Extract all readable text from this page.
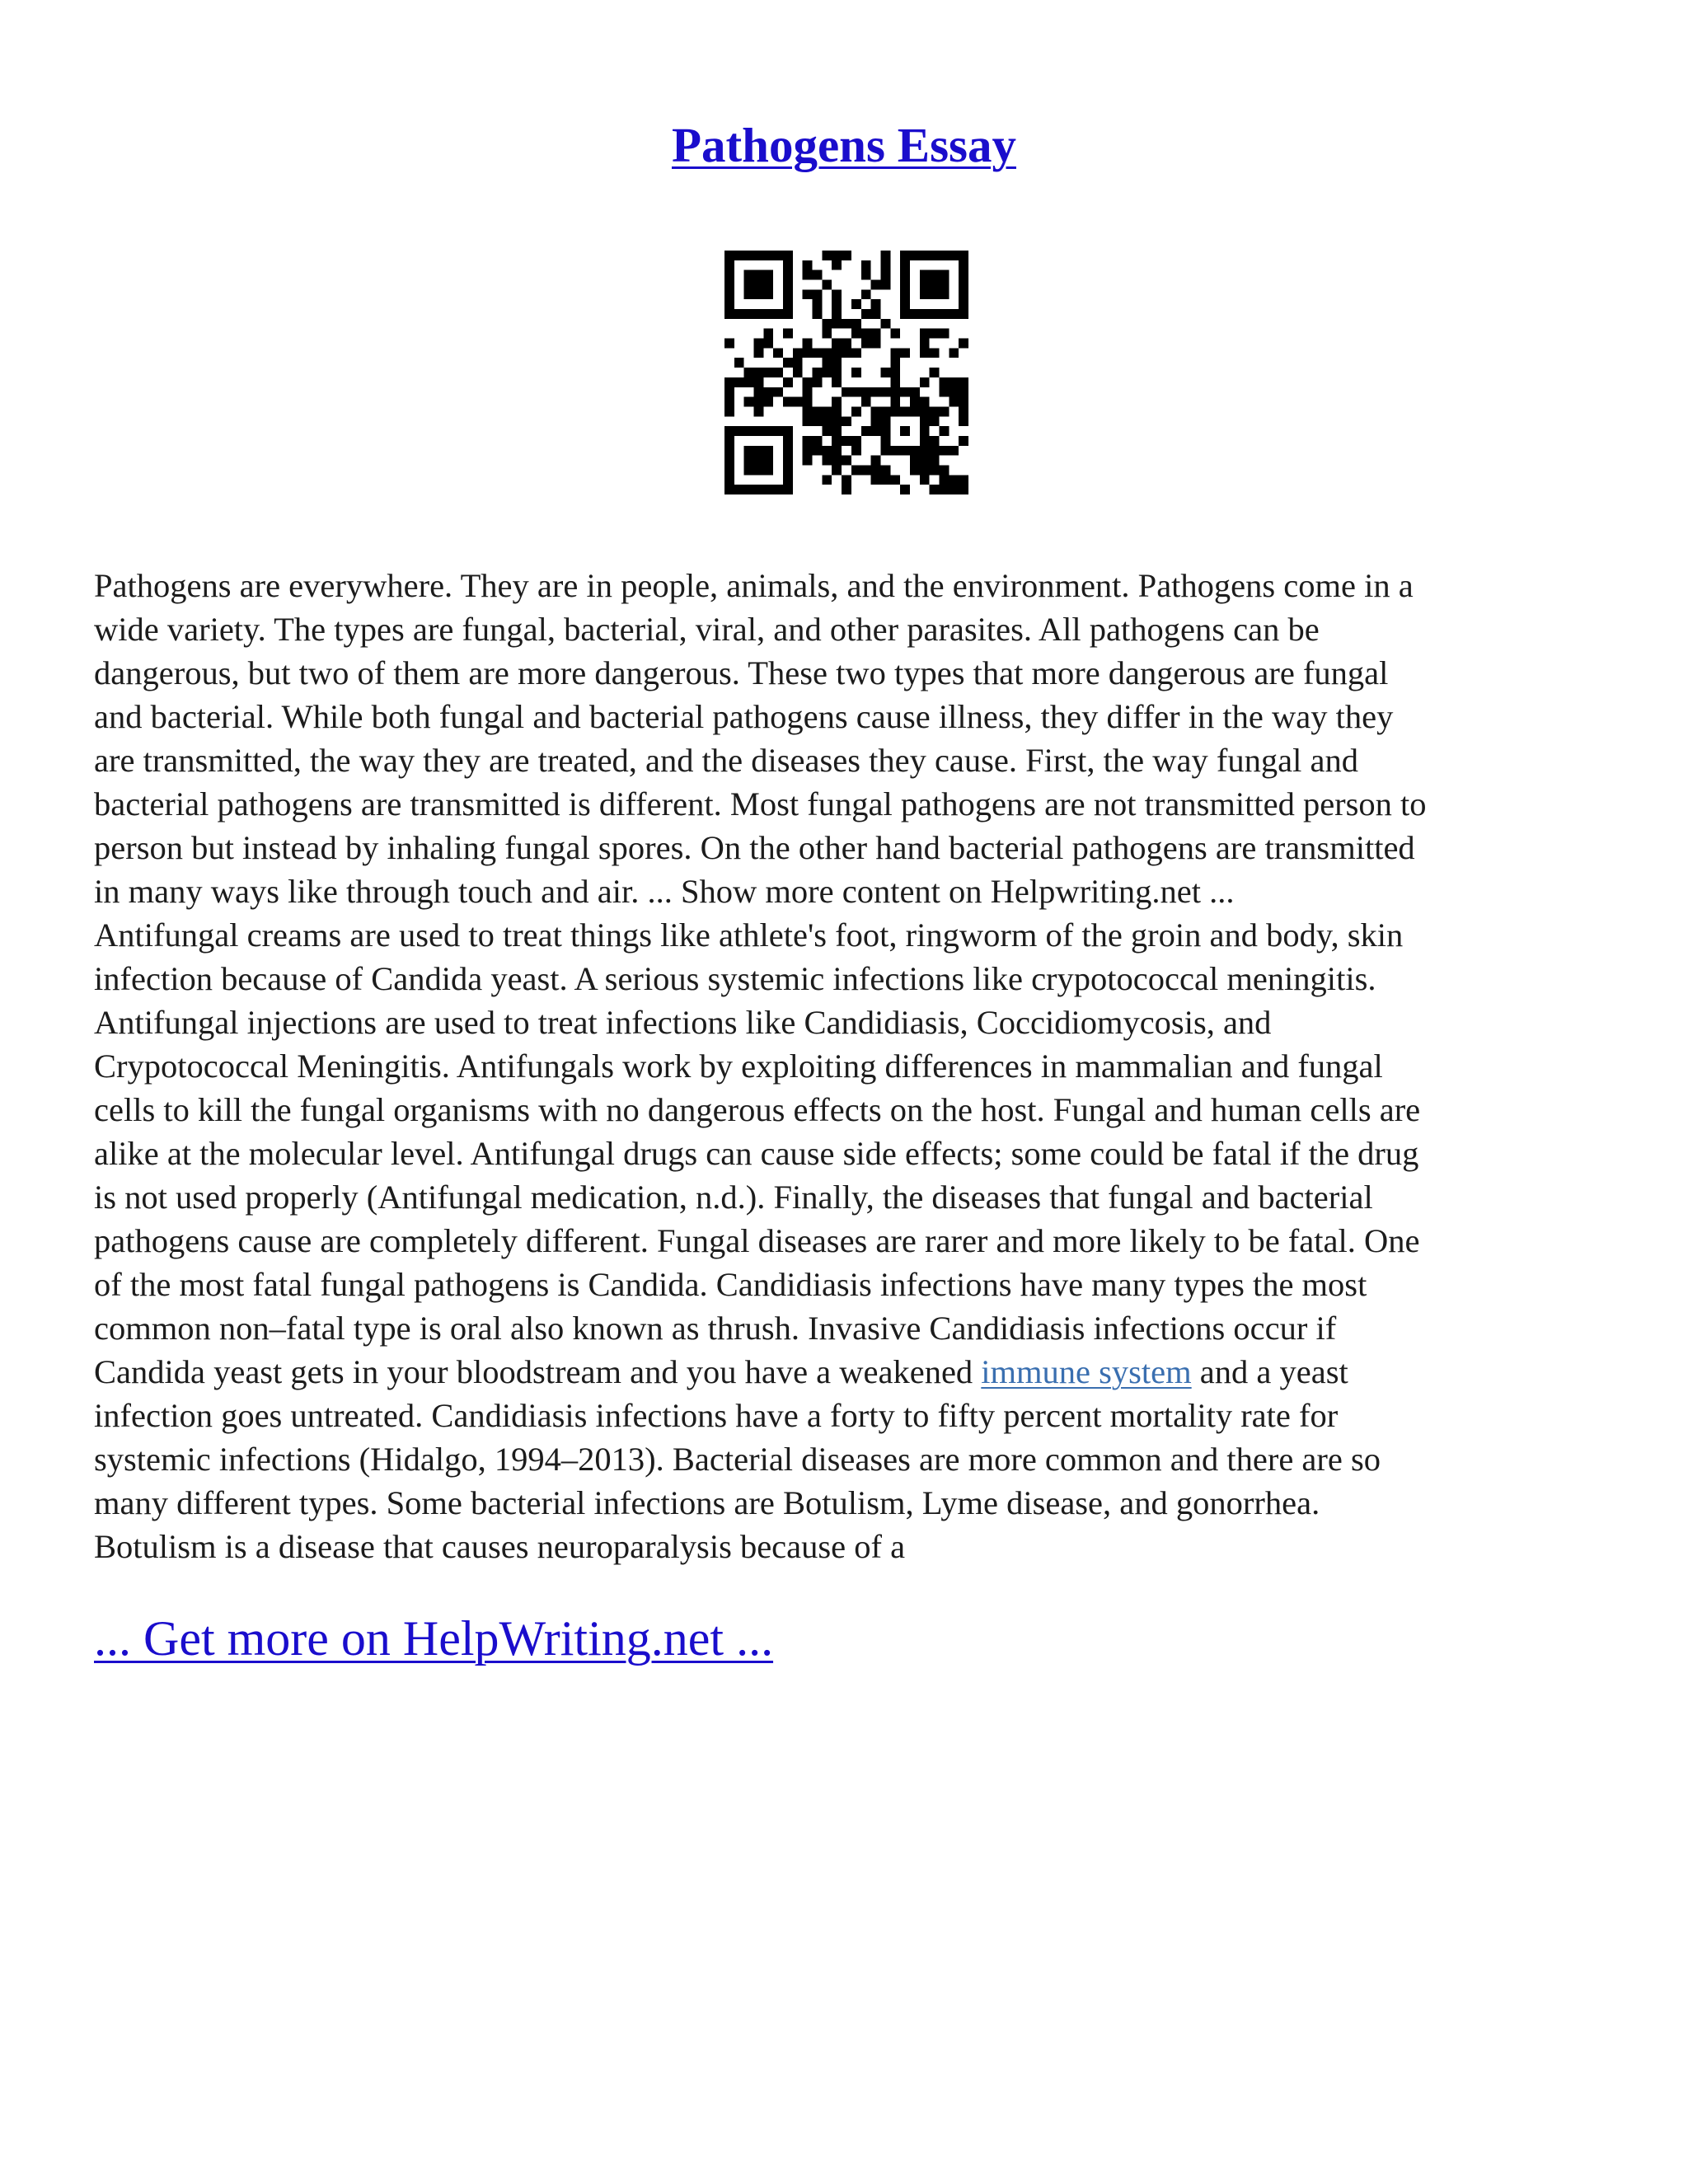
Pathogens Essay
Pathogens are everywhere. They are in people, animals, and the environment. Pathogens come in a
wide variety. The types are fungal, bacterial, viral, and other parasites. All pathogens can be
dangerous, but two of them are more dangerous. These two types that more dangerous are fungal
and bacterial. While both fungal and bacterial pathogens cause illness, they differ in the way they
are transmitted, the way they are treated, and the diseases they cause. First, the way fungal and
bacterial pathogens are transmitted is different. Most fungal pathogens are not transmitted person to
person but instead by inhaling fungal spores. On the other hand bacterial pathogens are transmitted
in many ways like through touch and air. ... Show more content on Helpwriting.net ...
Antifungal creams are used to treat things like athlete's foot, ringworm of the groin and body, skin
infection because of Candida yeast. A serious systemic infections like crypotococcal meningitis.
Antifungal injections are used to treat infections like Candidiasis, Coccidiomycosis, and
Crypotococcal Meningitis. Antifungals work by exploiting differences in mammalian and fungal
cells to kill the fungal organisms with no dangerous effects on the host. Fungal and human cells are
alike at the molecular level. Antifungal drugs can cause side effects; some could be fatal if the drug
is not used properly (Antifungal medication, n.d.). Finally, the diseases that fungal and bacterial
pathogens cause are completely different. Fungal diseases are rarer and more likely to be fatal. One
of the most fatal fungal pathogens is Candida. Candidiasis infections have many types the most
common non–fatal type is oral also known as thrush. Invasive Candidiasis infections occur if
Candida yeast gets in your bloodstream and you have a weakened immune system and a yeast
infection goes untreated. Candidiasis infections have a forty to fifty percent mortality rate for
systemic infections (Hidalgo, 1994–2013). Bacterial diseases are more common and there are so
many different types. Some bacterial infections are Botulism, Lyme disease, and gonorrhea.
Botulism is a disease that causes neuroparalysis because of a

... Get more on HelpWriting.net ...
